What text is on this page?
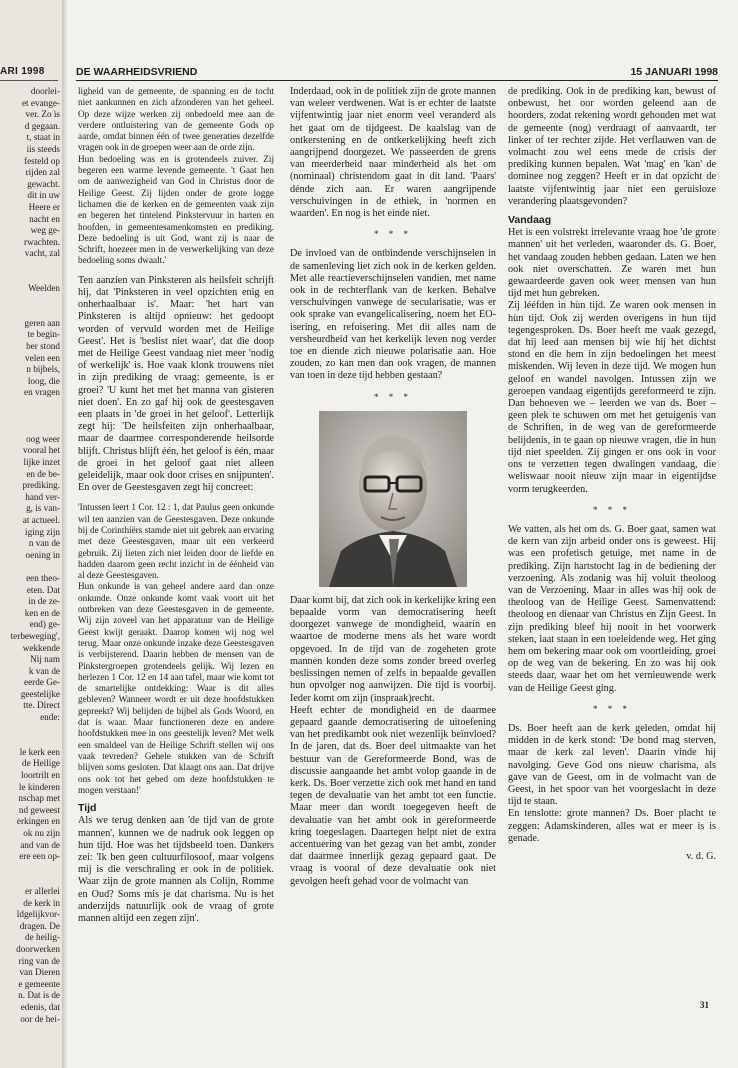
ARI 1998
doorlei-
et evange-
ver. Zo is
d gegaan.
t, staat in
iis steeds
festeld op
rijden zal
gewacht.
dit in uw
Heere er
nacht en
weg ge-
rwachten.
vacht, zal
Weelden
geren aan
te begin-
ber stond
velen een
n bijbels,
loog, die
en vragen
oog weer
vooral het
lijke inzet
en de be-
prediking.
hand ver-
g, is van-
at actueel.
iging zijn
n van de
oening in
een theo-
eten. Dat
in de ze-
ken en de
end) ge-
terbeweging',
wekkende
Nij nam
k van de
eerde Ge-
geestelijke
tte. Direct
ende:
le kerk een
de Heilige
loortrilt en
le kinderen
nschap met
nd geweest
erkingen en
ok nu zijn
and van de
ere een op-
er allerlei
de kerk in
ldgelijkvor-
dragen. De
de heilig-
doorwerken
ring van de
van Dieren
e gemeente
n. Dat is de
edenis, dat
oor de hei-
DE WAARHEIDSVRIEND	15 JANUARI 1998

ligheid van de gemeente, de spanning en de tocht niet aankunnen en zich afzonderen van het geheel. Op deze wijze werken zij onbedoeld mee aan de verdere ontluistering van de gemeente Gods op aarde, omdat binnen één of twee generaties dezelfde vragen ook in de groepen weer aan de orde zijn.

Hun bedoeling was en is grotendeels zuiver. Zij begeren een warme levende gemeente. 't Gaat hen om de aanwezigheid van God in Christus door de Heilige Geest. Zij lijden onder de grote logge lichamen die de kerken en de gemeenten vaak zijn en begeren het tintelend Pinkstervuur in harten en hoofden, in gemeentesamenkomsten en prediking. Deze bedoeling is uit God, want zij is naar de Schrift, hoezeer men in de verwerkelijking van deze bedoeling soms dwaalt.'

Ten aanzien van Pinksteren als heilsfeit schrijft hij, dat 'Pinksteren in veel opzichten enig en onherhaalbaar is'. Maar: 'het hart van Pinksteren is altijd opnieuw: het gedoopt worden of vervuld worden met de Heilige Geest'. Het is 'beslist niet waar', dat die doop met de Heilige Geest vandaag niet meer 'nodig of werkelijk' is. Hoe vaak klonk trouwens niet in zijn prediking de vraag: gemeente, is er groei? 'U kunt het met het manna van gisteren niet doen'. En zo gaf hij ook de geestesgaven een plaats in 'de groei in het geloof'. Letterlijk zegt hij: 'De heilsfeiten zijn onherhaalbaar, maar de daarmee corresponderende heilsorde blijft. Christus blijft één, het geloof is één, maar de groei in het geloof gaat niet alleen geleidelijk, maar ook door crises en snijpunten'. En over de Geestesgaven zegt hij concreet:

'Intussen leert 1 Cor. 12 : 1, dat Paulus geen onkunde wil ten aanzien van de Geestesgaven. Deze onkunde bij de Corinthiërs stamde niet uit gebrek aan ervaring met deze Geestesgaven, maar uit een verkeerd gebruik. Zij lieten zich niet leiden door de liefde en hadden daarom geen recht inzicht in de éénheid van al deze Geestesgaven.

Hun onkunde is van geheel andere aard dan onze onkunde. Onze onkunde komt vaak voort uit het ontbreken van deze Geestesgaven in de gemeente. Wij zijn zoveel van het apparatuur van de Heilige Geest kwijt geraakt. Daarop komen wij nog wel terug. Maar onze onkunde inzake deze Geestesgaven is verbijsterend. Daarin hebben de mensen van de Pinkstergroepen grotendeels gelijk. Wij lezen en herlezen 1 Cor. 12 en 14 aan tafel, maar wie komt tot de smartelijke ontdekking: Waar is dit alles gebleven? Wanneer wordt er uit deze hoofdstukken gepreekt? Wij belijden de bijbel als Gods Woord, en dat is waar. Maar functioneren deze en andere hoofdstukken mee in ons geestelijk leven? Met welk een smaldeel van de Heilige Schrift stellen wij ons vaak tevreden? Gehele stukken van de Schrift blijven soms gesloten. Dat klaagt ons aan. Dat drijve ons ook tot het gebed om deze hoofdstukken te mogen verstaan!'

Tijd

Als we terug denken aan 'de tijd van de grote mannen', kunnen we de nadruk ook leggen op hun tijd. Hoe was het tijdsbeeld toen. Dankers zei: 'Ik ben geen cultuurfilosoof, maar volgens mij is die verschraling er ook in de politiek. Waar zijn de grote mannen als Colijn, Romme en Oud? Soms mis je dat charisma. Nu is het anderzijds natuurlijk ook de vraag of grote mannen altijd een zegen zijn'.

Inderdaad, ook in de politiek zijn de grote mannen van weleer verdwenen. Wat is er echter de laatste vijfentwintig jaar niet enorm veel veranderd als het gaat om de tijdgeest. De kaalslag van de ontkerstening en de ontkerkelijking heeft zich aangrijpend doorgezet. We passeerden de grens van meerderheid naar minderheid als het om (nominaal) christendom gaat in dit land. 'Paars' dénde zich aan. Er waren aangrijpende verschuivingen in de ethiek, in 'normen en waarden'. En nog is het einde niet.

* * *

De invloed van de ontbindende verschijnselen in de samenleving liet zich ook in de kerken gelden. Met alle reactieverschijnselen vandien, met name ook in de rechterflank van de kerken. Behalve verschuivingen vanwege de secularisatie, was er ook sprake van evangelicalisering, noem het EO-isering, en refoisering. Met dit alles nam de versheurdheid van het kerkelijk leven nog verder toe en diende zich nieuwe polarisatie aan. Hoe zouden, zo kan men dan ook vragen, de mannen van toen in deze tijd hebben gestaan?

* * *

Daar komt bij, dat zich ook in kerkelijke kring een bepaalde vorm van democratisering heeft doorgezet vanwege de mondigheid, waarin en waartoe de moderne mens als het ware wordt opgevoed. In de tijd van de zogeheten grote mannen konden deze soms zonder breed overleg beslissingen nemen of zelfs in bepaalde gevallen hun opvolger nog aanwijzen. Die tijd is voorbij. Ieder komt om zijn (inspraak)recht.

Heeft echter de mondigheid en de daarmee gepaard gaande democratisering de uitoefening van het predikambt ook niet wezenlijk beïnvloed? In de jaren, dat ds. Boer deel uitmaakte van het bestuur van de Gereformeerde Bond, was de discussie aangaande het ambt volop gaande in de kerk. Ds. Boer verzette zich ook met hand en tand tegen de devaluatie van het ambt tot een functie. Maar meer dan wordt toegegeven heeft de devaluatie van het ambt ook in gereformeerde kring toegeslagen. Daartegen helpt niet de extra accentuering van het gezag van het ambt, zonder dat daarmee innerlijk gezag gepaard gaat. De vraag is vooral of deze devaluatie ook niet gevolgen heeft gehad voor de volmacht van

de prediking. Ook in de prediking kan, bewust of onbewust, het oor worden geleend aan de hoorders, zodat rekening wordt gehouden met wat de gemeente (nog) verdraagt of aanvaardt, ter linker of ter rechter zijde. Het verflauwen van de volmacht zou wel eens mede de crisis der prediking kunnen bepalen. Wat 'mag' en 'kan' de dominee nog zeggen? Heeft er in dat opzicht de laatste vijfentwintig jaar niet een geruisloze verandering plaatsgevonden?

Vandaag

Het is een volstrekt irrelevante vraag hoe 'de grote mannen' uit het verleden, waaronder ds. G. Boer, het vandaag zouden hebben gedaan. Laten we hen ook niet overschatten. Ze waren met hun gewaardeerde gaven ook weer mensen van hun tijd met hun gebreken.

Zij lééfden in hùn tijd. Ze waren ook mensen in hùn tijd. Ook zij werden overigens in hun tijd tegengesproken. Ds. Boer heeft me vaak gezegd, dat hij leed aan mensen bij wie hij het dichtst stond en die hem in zijn bedoelingen het meest miskenden. Wij leven in deze tijd. We mogen hun geloof en wandel navolgen. Intussen zijn we geroepen vandaag eigentijds gereformeerd te zijn. Dan behoeven we – leerden we van ds. Boer – geen plek te schuwen om met het getuigenis van de Schriften, in de weg van de gereformeerde belijdenis, in te gaan op nieuwe vragen, die in hun tijd niet speelden. Zij gingen er ons ook in voor ons te verzetten tegen dwalingen vandaag, die weliswaar nooit nieuw zijn maar in eigentijdse vorm terugkeerden.

* * *

We vatten, als het om ds. G. Boer gaat, samen wat de kern van zijn arbeid onder ons is geweest. Hij was een profetisch getuige, met name in de prediking. Zijn hartstocht lag in de bediening der verzoening. Als zodanig was hij voluit theoloog van de Verzoening. Maar in alles was hij ook de theoloog van de Heilige Geest. Samenvattend: theoloog en dienaar van Christus en Zijn Geest. In zijn prediking bleef hij nooit in het voorwerk steken, laat staan in een toeleidende weg. Het ging hem om bekering maar ook om voortleiding, groei op de weg van de bekering. En zo was hij ook steeds daar, waar het om het vernieuwende werk van de Heilige Geest ging.

* * *

Ds. Boer heeft aan de kerk geleden, omdat hij midden in de kerk stond: 'De bond mag sterven, maar de kerk zal leven'. Daarin vinde hij navolging. Geve God ons nieuw charisma, als gave van de Geest, om in de volmacht van de Geest, in het spoor van het voorgeslacht in deze tijd te staan.

En tenslotte: grote mannen? Ds. Boer placht te zeggen: Adamskinderen, alles wat er meer is is genade.

v. d. G.
31
